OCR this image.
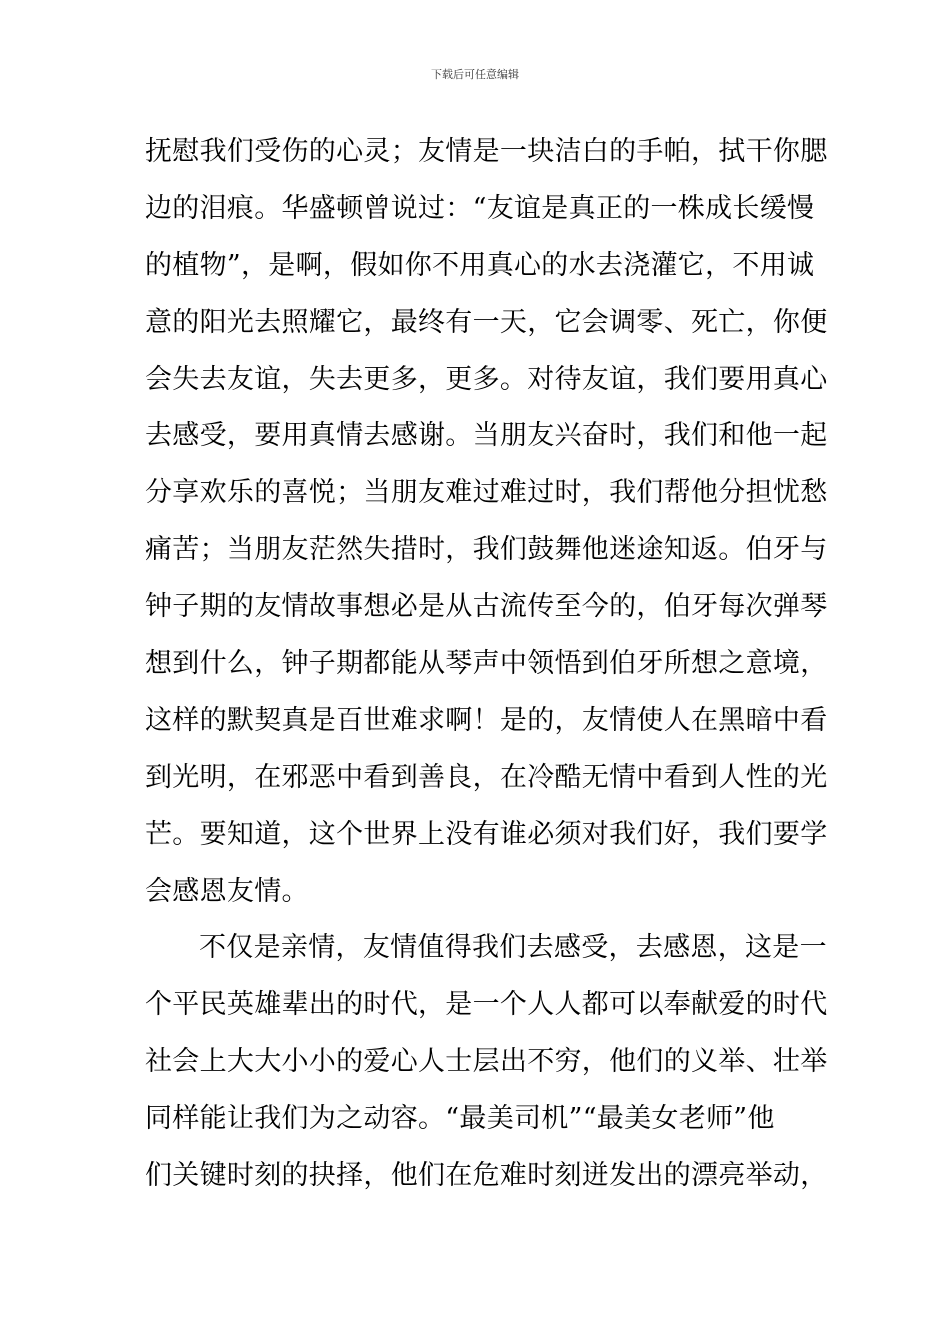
下载后可任意编辑
抚慰我们受伤的心灵；友情是一块洁白的手帕，拭干你腮
边的泪痕。华盛顿曾说过：“友谊是真正的一株成长缓慢
的植物”，是啊，假如你不用真心的水去浇灌它，不用诚
意的阳光去照耀它，最终有一天，它会调零、死亡，你便
会失去友谊，失去更多，更多。对待友谊，我们要用真心
去感受，要用真情去感谢。当朋友兴奋时，我们和他一起
分享欢乐的喜悦；当朋友难过难过时，我们帮他分担忧愁
痛苦；当朋友茫然失措时，我们鼓舞他迷途知返。伯牙与
钟子期的友情故事想必是从古流传至今的，伯牙每次弹琴
想到什么，钟子期都能从琴声中领悟到伯牙所想之意境，
这样的默契真是百世难求啊！是的，友情使人在黑暗中看
到光明，在邪恶中看到善良，在冷酷无情中看到人性的光
芒。要知道，这个世界上没有谁必须对我们好，我们要学
会感恩友情。
不仅是亲情，友情值得我们去感受，去感恩，这是一
个平民英雄辈出的时代，是一个人人都可以奉献爱的时代
社会上大大小小的爱心人士层出不穷，他们的义举、壮举
同样能让我们为之动容。“最美司机”“最美女老师”他
们关键时刻的抉择，他们在危难时刻迸发出的漂亮举动，
